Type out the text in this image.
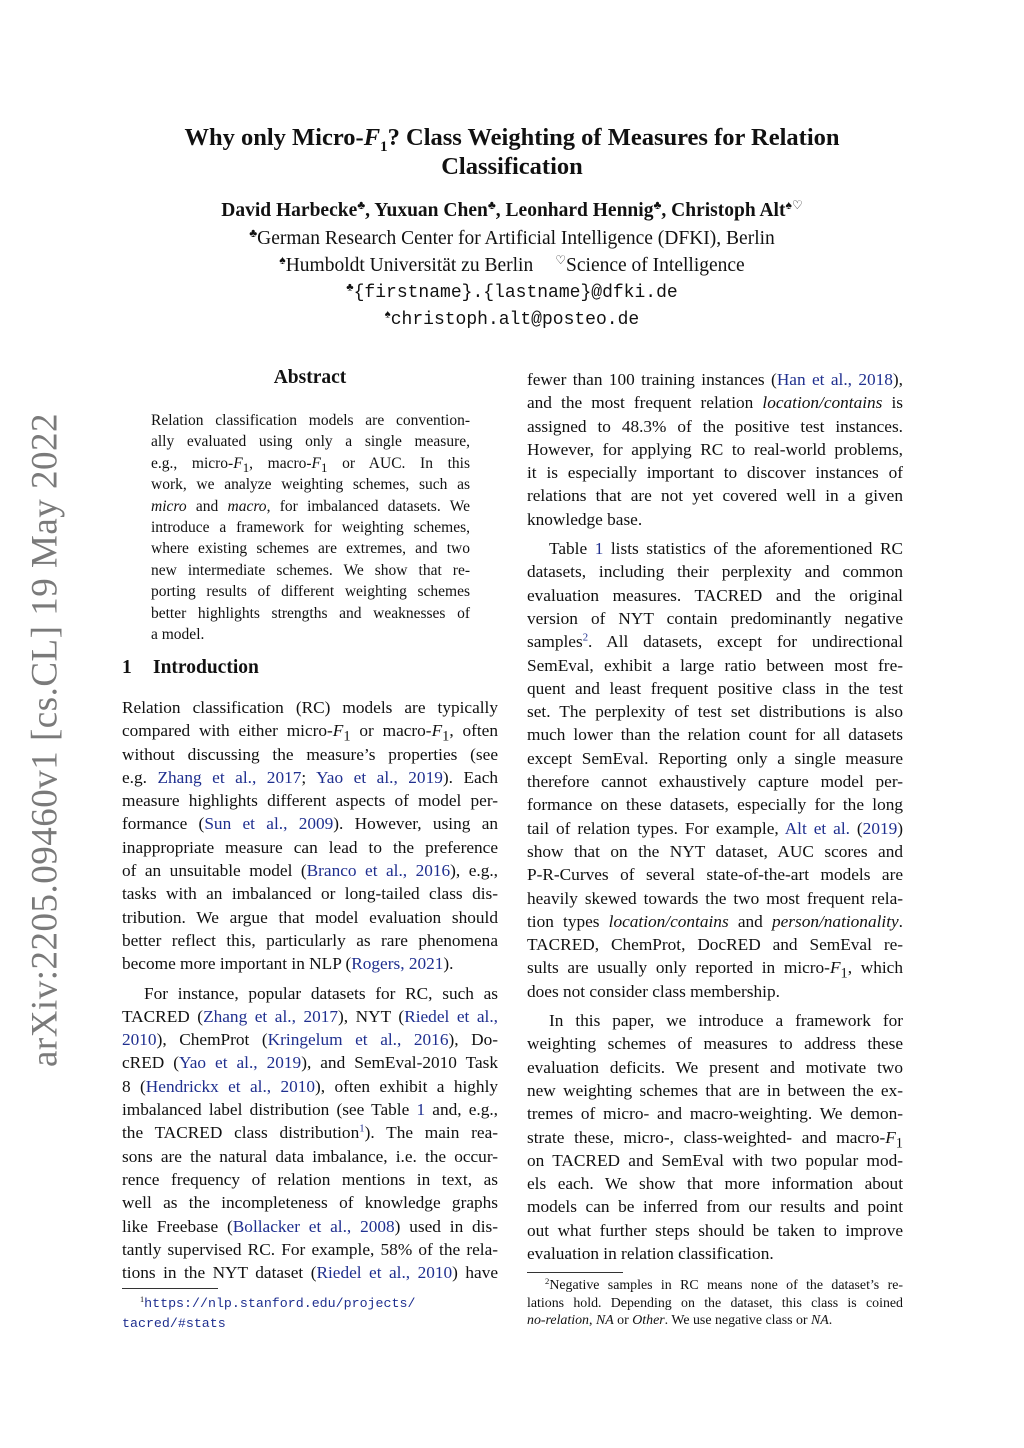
arXiv:2205.09460v1 [cs.CL] 19 May 2022
Why only Micro-$F_1$? Class Weighting of Measures for Relation
Classification
David Harbecke♣, Yuxuan Chen♣, Leonhard Hennig♣, Christoph Alt♠♡
♣German Research Center for Artificial Intelligence (DFKI), Berlin
♠Humboldt Universität zu Berlin ♡Science of Intelligence
♣{firstname}.{lastname}@dfki.de
♠christoph.alt@posteo.de
Abstract
Relation classification models are convention-
ally evaluated using only a single measure,
e.g., micro-$F_1$, macro-$F_1$ or AUC. In this
work, we analyze weighting schemes, such as
micro and macro, for imbalanced datasets. We
introduce a framework for weighting schemes,
where existing schemes are extremes, and two
new intermediate schemes. We show that re-
porting results of different weighting schemes
better highlights strengths and weaknesses of
a model.
1 Introduction
Relation classification (RC) models are typically
compared with either micro-$F_1$ or macro-$F_1$, often
without discussing the measure’s properties (see
e.g. Zhang et al., 2017; Yao et al., 2019). Each
measure highlights different aspects of model per-
formance (Sun et al., 2009). However, using an
inappropriate measure can lead to the preference
of an unsuitable model (Branco et al., 2016), e.g.,
tasks with an imbalanced or long-tailed class dis-
tribution. We argue that model evaluation should
better reflect this, particularly as rare phenomena
become more important in NLP (Rogers, 2021).
For instance, popular datasets for RC, such as
TACRED (Zhang et al., 2017), NYT (Riedel et al.,
2010), ChemProt (Kringelum et al., 2016), Do-
cRED (Yao et al., 2019), and SemEval-2010 Task
8 (Hendrickx et al., 2010), often exhibit a highly
imbalanced label distribution (see Table 1 and, e.g.,
the TACRED class distribution$^1$). The main rea-
sons are the natural data imbalance, i.e. the occur-
rence frequency of relation mentions in text, as
well as the incompleteness of knowledge graphs
like Freebase (Bollacker et al., 2008) used in dis-
tantly supervised RC. For example, 58% of the rela-
tions in the NYT dataset (Riedel et al., 2010) have
fewer than 100 training instances (Han et al., 2018),
and the most frequent relation location/contains is
assigned to 48.3% of the positive test instances.
However, for applying RC to real-world problems,
it is especially important to discover instances of
relations that are not yet covered well in a given
knowledge base.
Table 1 lists statistics of the aforementioned RC
datasets, including their perplexity and common
evaluation measures. TACRED and the original
version of NYT contain predominantly negative
samples$^2$. All datasets, except for undirectional
SemEval, exhibit a large ratio between most fre-
quent and least frequent positive class in the test
set. The perplexity of test set distributions is also
much lower than the relation count for all datasets
except SemEval. Reporting only a single measure
therefore cannot exhaustively capture model per-
formance on these datasets, especially for the long
tail of relation types. For example, Alt et al. (2019)
show that on the NYT dataset, AUC scores and
P-R-Curves of several state-of-the-art models are
heavily skewed towards the two most frequent rela-
tion types location/contains and person/nationality.
TACRED, ChemProt, DocRED and SemEval re-
sults are usually only reported in micro-$F_1$, which
does not consider class membership.
In this paper, we introduce a framework for
weighting schemes of measures to address these
evaluation deficits. We present and motivate two
new weighting schemes that are in between the ex-
tremes of micro- and macro-weighting. We demon-
strate these, micro-, class-weighted- and macro-$F_1$
on TACRED and SemEval with two popular mod-
els each. We show that more information about
models can be inferred from our results and point
out what further steps should be taken to improve
evaluation in relation classification.
$^1$https://nlp.stanford.edu/projects/
tacred/#stats
$^2$Negative samples in RC means none of the dataset’s re-
lations hold. Depending on the dataset, this class is coined
no-relation, NA or Other. We use negative class or NA.
